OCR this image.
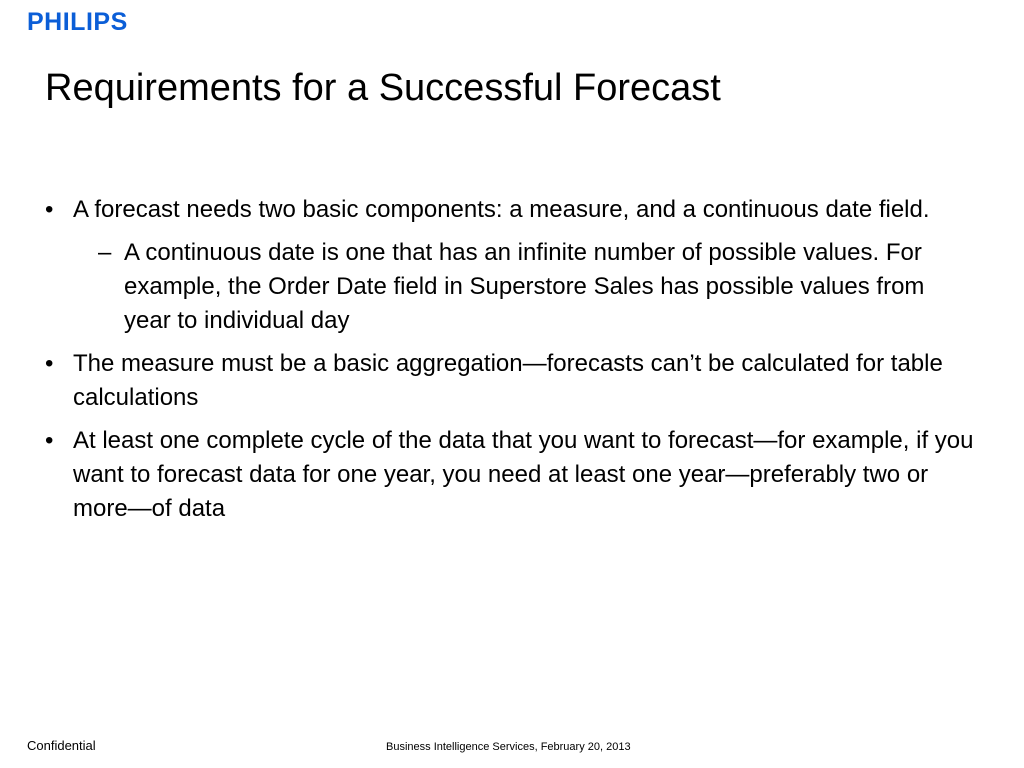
PHILIPS
Requirements for a Successful Forecast
• A forecast needs two basic components: a measure, and a continuous date field.
– A continuous date is one that has an infinite number of possible values. For example, the Order Date field in Superstore Sales has possible values from year to individual day
• The measure must be a basic aggregation—forecasts can’t be calculated for table calculations
• At least one complete cycle of the data that you want to forecast—for example, if you want to forecast data for one year, you need at least one year—preferably two or more—of data
Confidential	Business Intelligence Services, February 20, 2013
